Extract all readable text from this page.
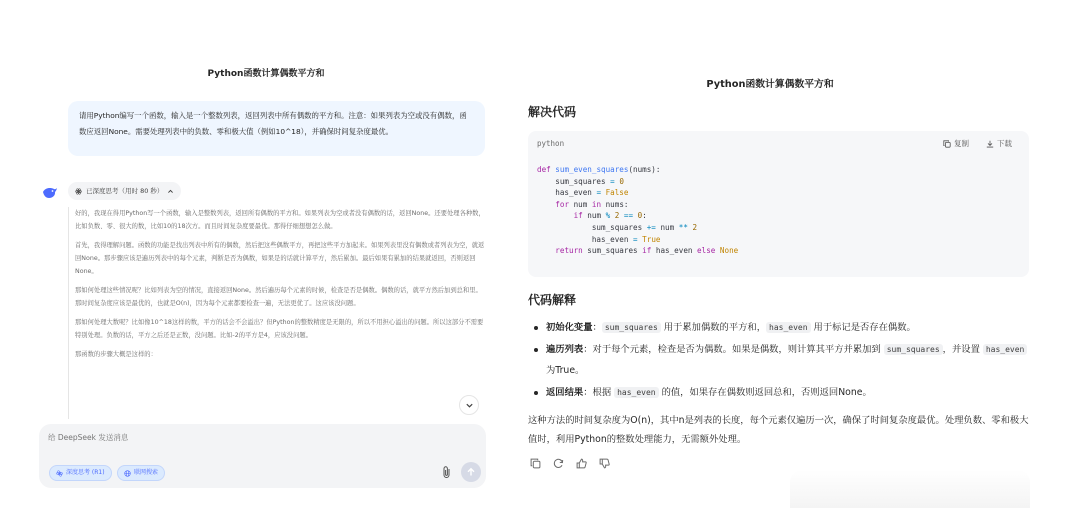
Python函数计算偶数平方和
请用Python编写一个函数，输入是一个整数列表，返回列表中所有偶数的平方和。注意：如果列表为空或没有偶数，函数应返回None。需要处理列表中的负数、零和极大值（例如10^18），并确保时间复杂度最优。
已深度思考（用时 80 秒）

好的，我现在得用Python写一个函数，输入是整数列表，返回所有偶数的平方和。如果列表为空或者没有偶数的话，返回None。还要处理各种数，比如负数、零、很大的数，比如10的18次方。而且时间复杂度要最优。那得仔细想想怎么做。

首先，我得理解问题。函数的功能是找出列表中所有的偶数，然后把这些偶数平方，再把这些平方加起来。如果列表里没有偶数或者列表为空，就返回None。那步骤应该是遍历列表中的每个元素，判断是否为偶数，如果是的话就计算平方，然后累加。最后如果有累加的结果就返回，否则返回None。

那如何处理这些情况呢？比如列表为空的情况，直接返回None。然后遍历每个元素的时候，检查是否是偶数。偶数的话，就平方然后加到总和里。那时间复杂度应该是最优的，也就是O(n)，因为每个元素都要检查一遍，无法更优了。这应该没问题。

那如何处理大数呢？比如像10^18这样的数，平方的话会不会溢出？但Python的整数精度是无限的，所以不用担心溢出的问题。所以这部分不需要特别处理。负数的话，平方之后还是正数，没问题。比如-2的平方是4，应该没问题。

那函数的步骤大概是这样的：

给 DeepSeek 发送消息
深度思考 (R1)	联网搜索
Python函数计算偶数平方和
解决代码
python	复制	下载
def sum_even_squares(nums):
sum_squares = 0
has_even = False
for num in nums:
if num % 2 == 0:
sum_squares += num ** 2
has_even = True
return sum_squares if has_even else None
代码解释
初始化变量： sum_squares 用于累加偶数的平方和， has_even 用于标记是否存在偶数。
遍历列表：对于每个元素，检查是否为偶数。如果是偶数，则计算其平方并累加到 sum_squares ，并设置 has_even 为True。
返回结果：根据 has_even 的值，如果存在偶数则返回总和，否则返回None。
这种方法的时间复杂度为O(n)，其中n是列表的长度，每个元素仅遍历一次，确保了时间复杂度最优。处理负数、零和极大值时，利用Python的整数处理能力，无需额外处理。
